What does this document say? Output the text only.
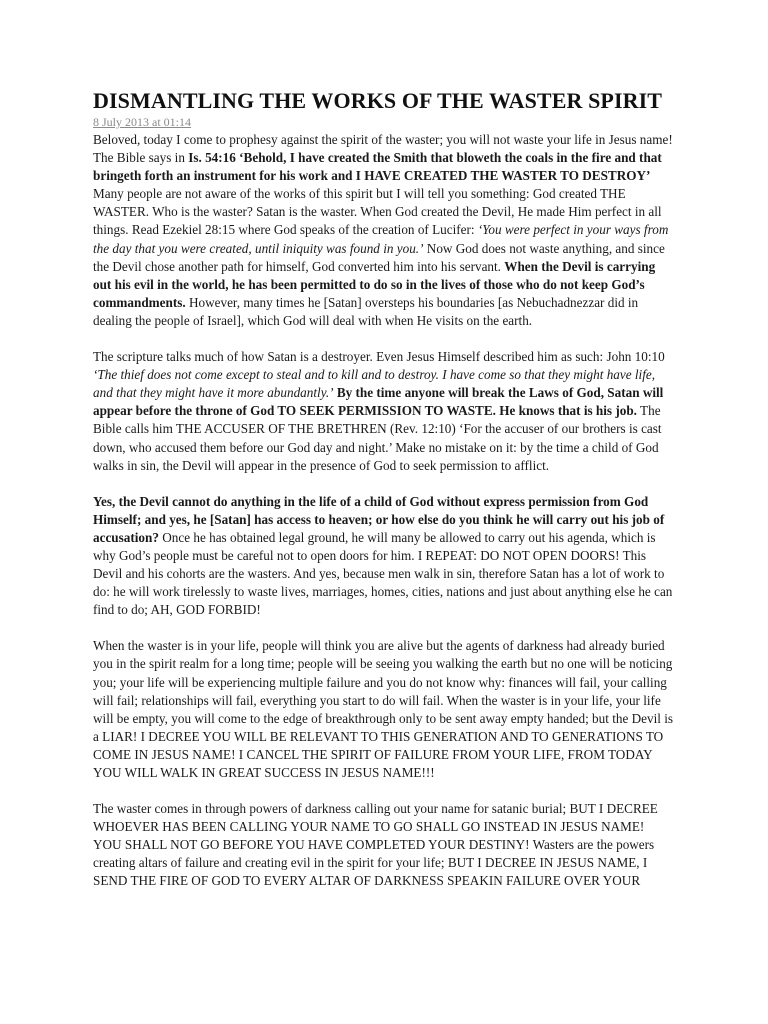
DISMANTLING THE WORKS OF THE WASTER SPIRIT
8 July 2013 at 01:14

Beloved, today I come to prophesy against the spirit of the waster; you will not waste your life in Jesus name! The Bible says in Is. 54:16 ‘Behold, I have created the Smith that bloweth the coals in the fire and that bringeth forth an instrument for his work and I HAVE CREATED THE WASTER TO DESTROY’ Many people are not aware of the works of this spirit but I will tell you something: God created THE WASTER. Who is the waster? Satan is the waster. When God created the Devil, He made Him perfect in all things. Read Ezekiel 28:15 where God speaks of the creation of Lucifer: ‘You were perfect in your ways from the day that you were created, until iniquity was found in you.’ Now God does not waste anything, and since the Devil chose another path for himself, God converted him into his servant. When the Devil is carrying out his evil in the world, he has been permitted to do so in the lives of those who do not keep God’s commandments. However, many times he [Satan] oversteps his boundaries [as Nebuchadnezzar did in dealing the people of Israel], which God will deal with when He visits on the earth.

The scripture talks much of how Satan is a destroyer. Even Jesus Himself described him as such: John 10:10 ‘The thief does not come except to steal and to kill and to destroy. I have come so that they might have life, and that they might have it more abundantly.’ By the time anyone will break the Laws of God, Satan will appear before the throne of God TO SEEK PERMISSION TO WASTE. He knows that is his job. The Bible calls him THE ACCUSER OF THE BRETHREN (Rev. 12:10) ‘For the accuser of our brothers is cast down, who accused them before our God day and night.’ Make no mistake on it: by the time a child of God walks in sin, the Devil will appear in the presence of God to seek permission to afflict.

Yes, the Devil cannot do anything in the life of a child of God without express permission from God Himself; and yes, he [Satan] has access to heaven; or how else do you think he will carry out his job of accusation? Once he has obtained legal ground, he will many be allowed to carry out his agenda, which is why God’s people must be careful not to open doors for him. I REPEAT: DO NOT OPEN DOORS! This Devil and his cohorts are the wasters. And yes, because men walk in sin, therefore Satan has a lot of work to do: he will work tirelessly to waste lives, marriages, homes, cities, nations and just about anything else he can find to do; AH, GOD FORBID!

When the waster is in your life, people will think you are alive but the agents of darkness had already buried you in the spirit realm for a long time; people will be seeing you walking the earth but no one will be noticing you; your life will be experiencing multiple failure and you do not know why: finances will fail, your calling will fail; relationships will fail, everything you start to do will fail. When the waster is in your life, your life will be empty, you will come to the edge of breakthrough only to be sent away empty handed; but the Devil is a LIAR! I DECREE YOU WILL BE RELEVANT TO THIS GENERATION AND TO GENERATIONS TO COME IN JESUS NAME! I CANCEL THE SPIRIT OF FAILURE FROM YOUR LIFE, FROM TODAY YOU WILL WALK IN GREAT SUCCESS IN JESUS NAME!!!

The waster comes in through powers of darkness calling out your name for satanic burial; BUT I DECREE WHOEVER HAS BEEN CALLING YOUR NAME TO GO SHALL GO INSTEAD IN JESUS NAME! YOU SHALL NOT GO BEFORE YOU HAVE COMPLETED YOUR DESTINY! Wasters are the powers creating altars of failure and creating evil in the spirit for your life; BUT I DECREE IN JESUS NAME, I SEND THE FIRE OF GOD TO EVERY ALTAR OF DARKNESS SPEAKIN FAILURE OVER YOUR
